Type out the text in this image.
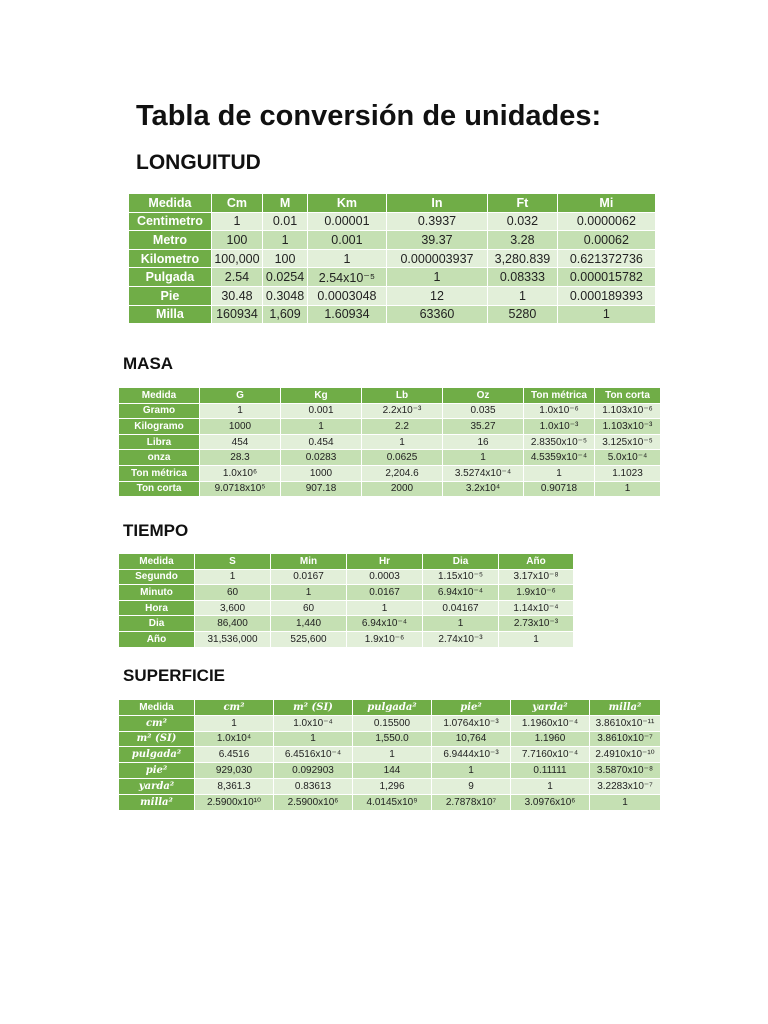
Tabla de conversión de unidades:
LONGUITUD
Medida	Cm	M	Km	In	Ft	Mi
Centimetro	1	0.01	0.00001	0.3937	0.032	0.0000062
Metro	100	1	0.001	39.37	3.28	0.00062
Kilometro	100,000	100	1	0.000003937	3,280.839	0.621372736
Pulgada	2.54	0.0254	2.54x10⁻⁵	1	0.08333	0.000015782
Pie	30.48	0.3048	0.0003048	12	1	0.000189393
Milla	160934	1,609	1.60934	63360	5280	1
MASA
Medida	G	Kg	Lb	Oz	Ton métrica	Ton corta
Gramo	1	0.001	2.2x10⁻³	0.035	1.0x10⁻⁶	1.103x10⁻⁶
Kilogramo	1000	1	2.2	35.27	1.0x10⁻³	1.103x10⁻³
Libra	454	0.454	1	16	2.8350x10⁻⁵	3.125x10⁻⁵
onza	28.3	0.0283	0.0625	1	4.5359x10⁻⁴	5.0x10⁻⁴
Ton métrica	1.0x10⁶	1000	2,204.6	3.5274x10⁻⁴	1	1.1023
Ton corta	9.0718x10⁵	907.18	2000	3.2x10⁴	0.90718	1
TIEMPO
Medida	S	Min	Hr	Dia	Año
Segundo	1	0.0167	0.0003	1.15x10⁻⁵	3.17x10⁻⁸
Minuto	60	1	0.0167	6.94x10⁻⁴	1.9x10⁻⁶
Hora	3,600	60	1	0.04167	1.14x10⁻⁴
Dia	86,400	1,440	6.94x10⁻⁴	1	2.73x10⁻³
Año	31,536,000	525,600	1.9x10⁻⁶	2.74x10⁻³	1
SUPERFICIE
Medida	cm²	m² (SI)	pulgada²	pie²	yarda²	milla²
cm²	1	1.0x10⁻⁴	0.15500	1.0764x10⁻³	1.1960x10⁻⁴	3.8610x10⁻¹¹
m² (SI)	1.0x10⁴	1	1,550.0	10,764	1.1960	3.8610x10⁻⁷
pulgada²	6.4516	6.4516x10⁻⁴	1	6.9444x10⁻³	7.7160x10⁻⁴	2.4910x10⁻¹⁰
pie²	929,030	0.092903	144	1	0.11111	3.5870x10⁻⁸
yarda²	8,361.3	0.83613	1,296	9	1	3.2283x10⁻⁷
milla²	2.5900x10¹⁰	2.5900x10⁶	4.0145x10⁹	2.7878x10⁷	3.0976x10⁶	1
